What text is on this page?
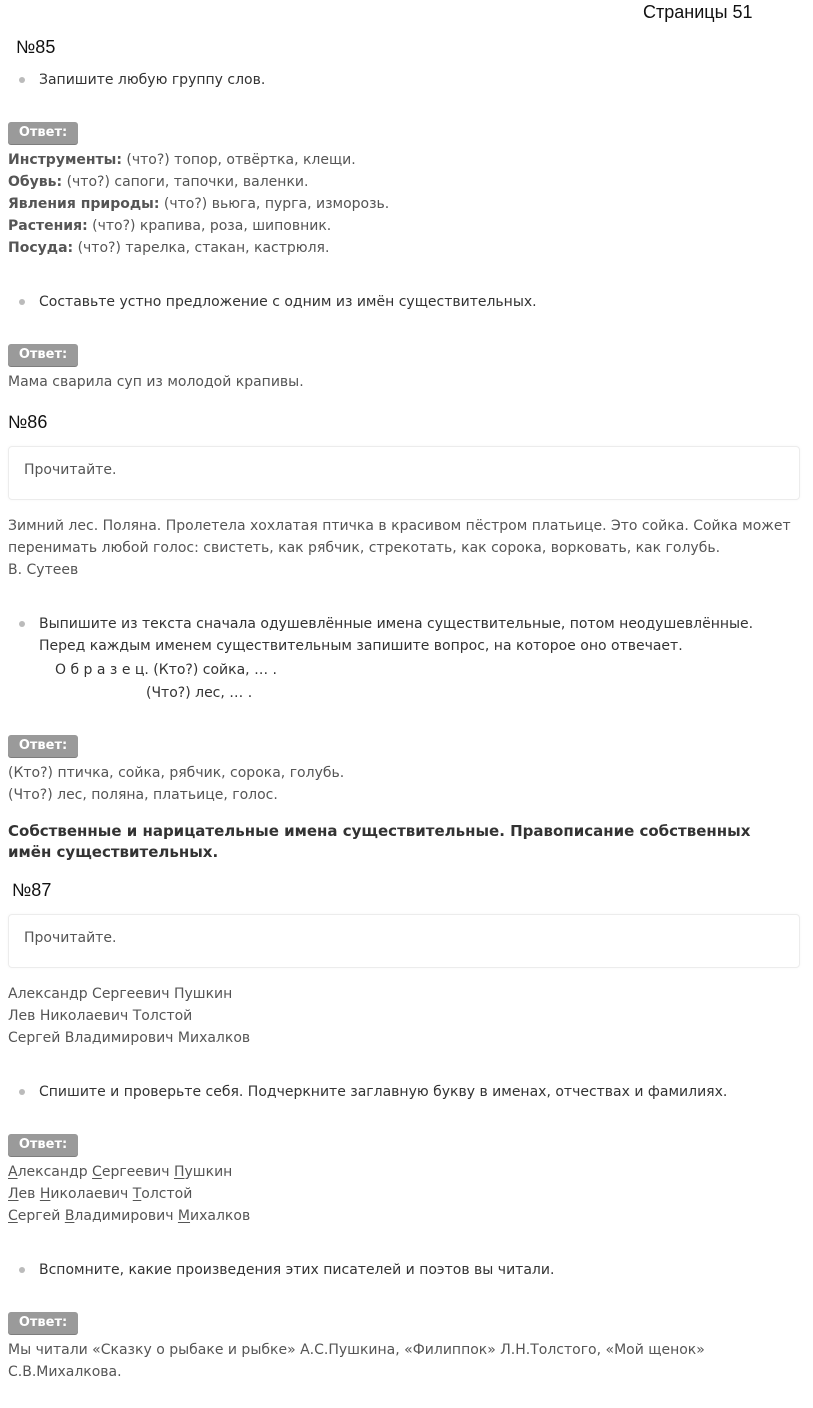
Страницы 51
№85
Запишите любую группу слов.
Ответ:
Инструменты: (что?) топор, отвёртка, клещи.
Обувь: (что?) сапоги, тапочки, валенки.
Явления природы: (что?) вьюга, пурга, изморозь.
Растения: (что?) крапива, роза, шиповник.
Посуда: (что?) тарелка, стакан, кастрюля.
Составьте устно предложение с одним из имён существительных.
Ответ:
Мама сварила суп из молодой крапивы.
№86
Прочитайте.
Зимний лес. Поляна. Пролетела хохлатая птичка в красивом пёстром платьице. Это сойка. Сойка может
перенимать любой голос: свистеть, как рябчик, стрекотать, как сорока, ворковать, как голубь.
В. Сутеев
Выпишите из текста сначала одушевлённые имена существительные, потом неодушевлённые.
Перед каждым именем существительным запишите вопрос, на которое оно отвечает.
О б р а з е ц. (Кто?) сойка, … .
(Что?) лес, … .
Ответ:
(Кто?) птичка, сойка, рябчик, сорока, голубь.
(Что?) лес, поляна, платьице, голос.
Собственные и нарицательные имена существительные. Правописание собственных имён существительных.
№87
Прочитайте.
Александр Сергеевич Пушкин
Лев Николаевич Толстой
Сергей Владимирович Михалков
Спишите и проверьте себя. Подчеркните заглавную букву в именах, отчествах и фамилиях.
Ответ:
Александр Сергеевич Пушкин
Лев Николаевич Толстой
Сергей Владимирович Михалков
Вспомните, какие произведения этих писателей и поэтов вы читали.
Ответ:
Мы читали «Сказку о рыбаке и рыбке» А.С.Пушкина, «Филиппок» Л.Н.Толстого, «Мой щенок»
С.В.Михалкова.
